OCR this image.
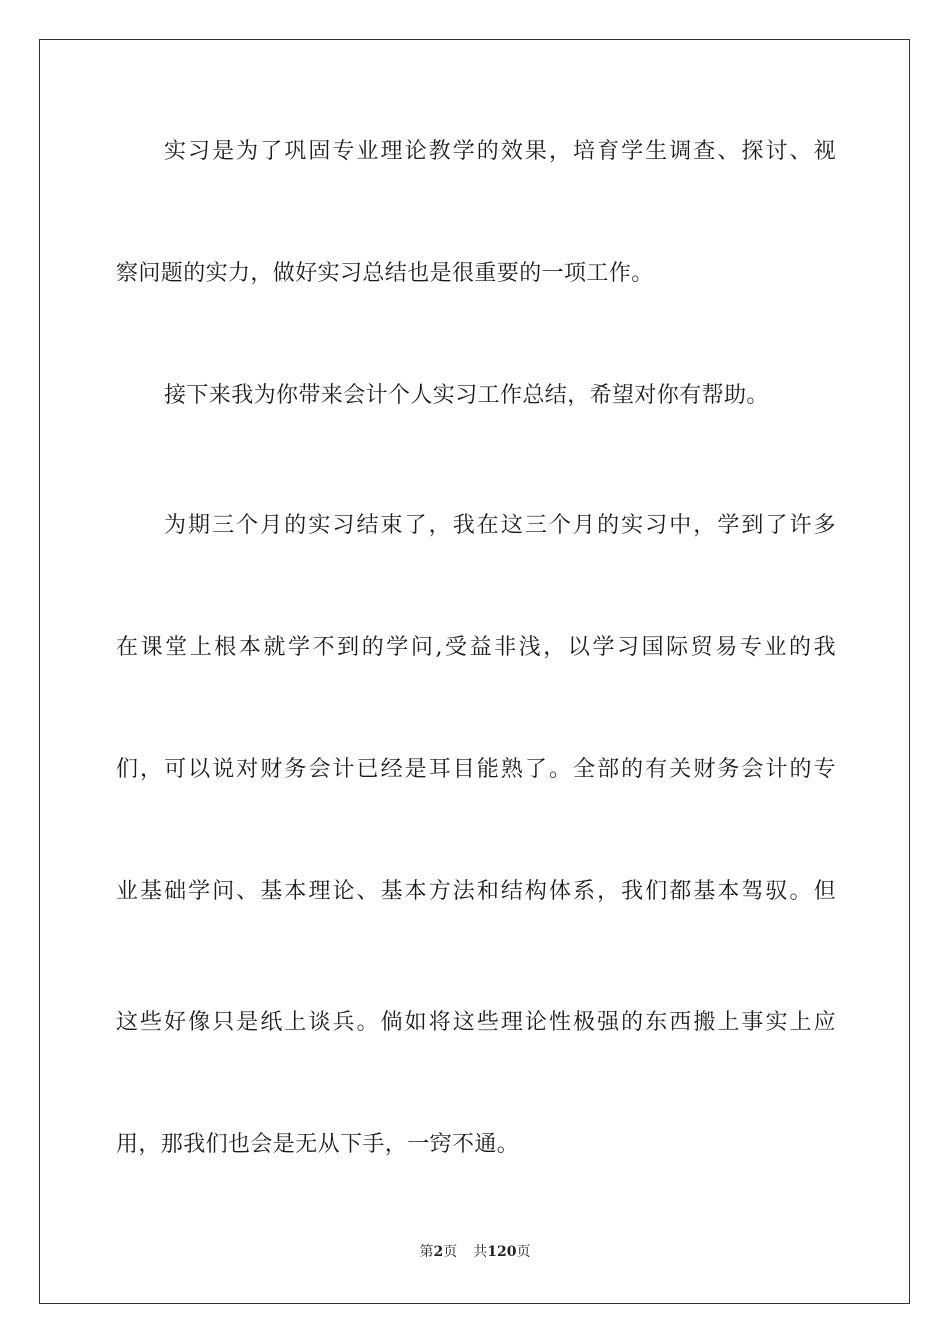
实习是为了巩固专业理论教学的效果，培育学生调查、探讨、视
察问题的实力，做好实习总结也是很重要的一项工作。
接下来我为你带来会计个人实习工作总结，希望对你有帮助。
为期三个月的实习结束了，我在这三个月的实习中，学到了许多
在课堂上根本就学不到的学问,受益非浅，以学习国际贸易专业的我
们，可以说对财务会计已经是耳目能熟了。全部的有关财务会计的专
业基础学问、基本理论、基本方法和结构体系，我们都基本驾驭。但
这些好像只是纸上谈兵。倘如将这些理论性极强的东西搬上事实上应
用，那我们也会是无从下手，一窍不通。
第2页 共120页
